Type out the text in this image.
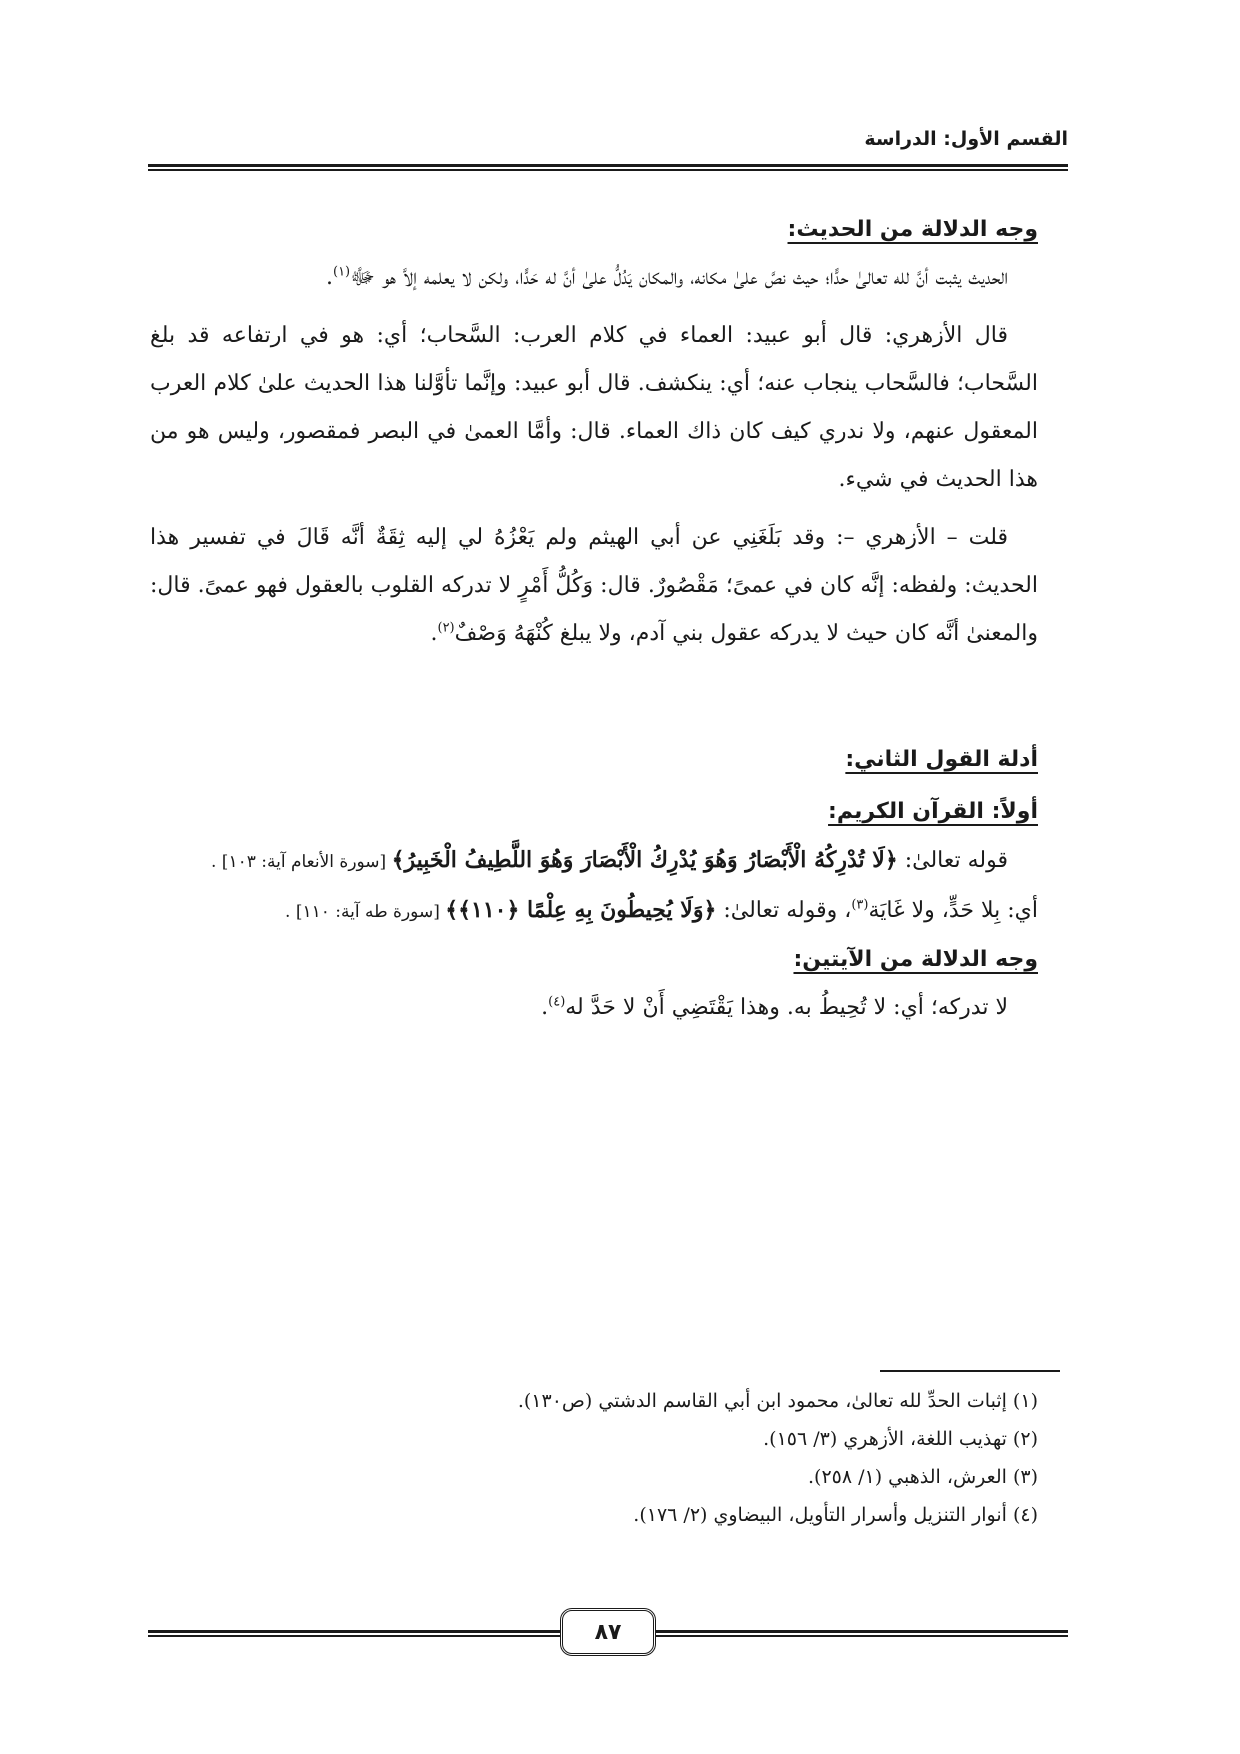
القسم الأول: الدراسة

وجه الدلالة من الحديث:

الحديث يثبت أنَّ لله تعالىٰ حدًّا؛ حيث نصَّ علىٰ مكانه، والمكان يَدُلُّ علىٰ أنَّ له حَدًّا، ولكن لا يعلمه إلاَّ هو ﷻ$^{(١)}$.

قال الأزهري: قال أبو عبيد: العماء في كلام العرب: السَّحاب؛ أي: هو في ارتفاعه قد بلغ السَّحاب؛ فالسَّحاب ينجاب عنه؛ أي: ينكشف. قال أبو عبيد: وإنَّما تأوَّلنا هذا الحديث علىٰ كلام العرب المعقول عنهم، ولا ندري كيف كان ذاك العماء. قال: وأمَّا العمىٰ في البصر فمقصور، وليس هو من هذا الحديث في شيء.

قلت – الأزهري –: وقد بَلَغَنِي عن أبي الهيثم ولم يَعْزُهُ لي إليه ثِقَةٌ أنَّه قَالَ في تفسير هذا الحديث: ولفظه: إنَّه كان في عمىً؛ مَقْصُورٌ. قال: وَكُلُّ أَمْرٍ لا تدركه القلوب بالعقول فهو عمىً. قال: والمعنىٰ أنَّه كان حيث لا يدركه عقول بني آدم، ولا يبلغ كُنْهَهُ وَصْفٌ$^{(٢)}$.

أدلة القول الثاني:

أولاً: القرآن الكريم:

قوله تعالىٰ: ﴿لَا تُدْرِكُهُ الْأَبْصَارُ وَهُوَ يُدْرِكُ الْأَبْصَارَ وَهُوَ اللَّطِيفُ الْخَبِيرُ﴾ [سورة الأنعام آية: ١٠٣] .

أي: بِلا حَدٍّ، ولا غَايَة$^{(٣)}$، وقوله تعالىٰ: ﴿وَلَا يُحِيطُونَ بِهِ عِلْمًا ﴿١١٠﴾﴾ [سورة طه آية: ١١٠] .

وجه الدلالة من الآيتين:

لا تدركه؛ أي: لا تُحِيطُ به. وهذا يَقْتَضِي أَنْ لا حَدَّ له$^{(٤)}$.

(١) إثبات الحدِّ لله تعالىٰ، محمود ابن أبي القاسم الدشتي (ص١٣٠).

(٢) تهذيب اللغة، الأزهري (٣/ ١٥٦).

(٣) العرش، الذهبي (١/ ٢٥٨).

(٤) أنوار التنزيل وأسرار التأويل، البيضاوي (٢/ ١٧٦).

٨٧
